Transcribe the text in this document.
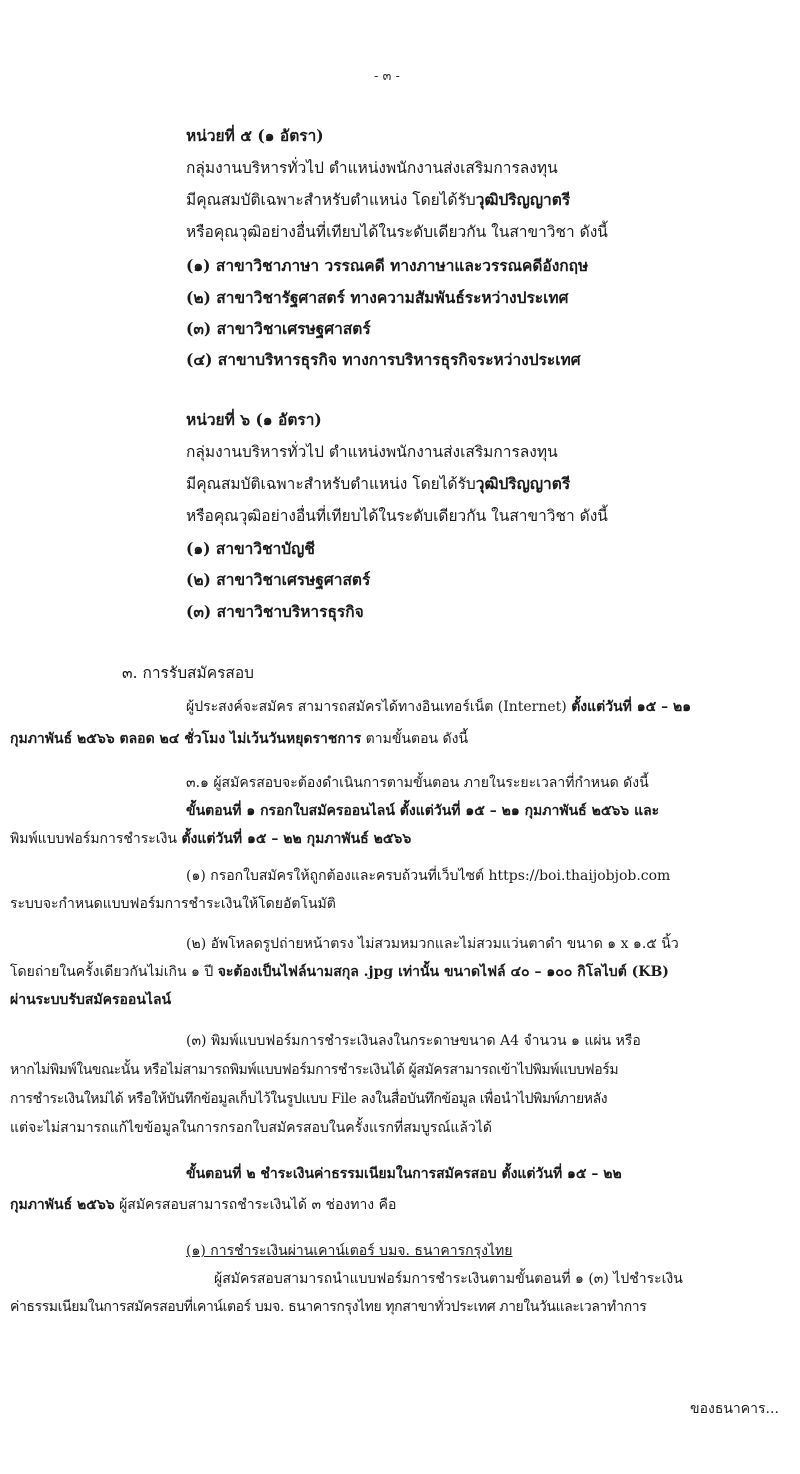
- ๓ -
หน่วยที่ ๕ (๑ อัตรา)
กลุ่มงานบริหารทั่วไป ตำแหน่งพนักงานส่งเสริมการลงทุน
มีคุณสมบัติเฉพาะสำหรับตำแหน่ง โดยได้รับวุฒิปริญญาตรี
หรือคุณวุฒิอย่างอื่นที่เทียบได้ในระดับเดียวกัน ในสาขาวิชา ดังนี้
(๑) สาขาวิชาภาษา วรรณคดี ทางภาษาและวรรณคดีอังกฤษ
(๒) สาขาวิชารัฐศาสตร์ ทางความสัมพันธ์ระหว่างประเทศ
(๓) สาขาวิชาเศรษฐศาสตร์
(๔) สาขาบริหารธุรกิจ ทางการบริหารธุรกิจระหว่างประเทศ
หน่วยที่ ๖ (๑ อัตรา)
กลุ่มงานบริหารทั่วไป ตำแหน่งพนักงานส่งเสริมการลงทุน
มีคุณสมบัติเฉพาะสำหรับตำแหน่ง โดยได้รับวุฒิปริญญาตรี
หรือคุณวุฒิอย่างอื่นที่เทียบได้ในระดับเดียวกัน ในสาขาวิชา ดังนี้
(๑) สาขาวิชาบัญชี
(๒) สาขาวิชาเศรษฐศาสตร์
(๓) สาขาวิชาบริหารธุรกิจ
๓. การรับสมัครสอบ
ผู้ประสงค์จะสมัคร สามารถสมัครได้ทางอินเทอร์เน็ต (Internet) ตั้งแต่วันที่ ๑๕ – ๒๑
กุมภาพันธ์ ๒๕๖๖ ตลอด ๒๔ ชั่วโมง ไม่เว้นวันหยุดราชการ ตามขั้นตอน ดังนี้
๓.๑ ผู้สมัครสอบจะต้องดำเนินการตามขั้นตอน ภายในระยะเวลาที่กำหนด ดังนี้
ขั้นตอนที่ ๑ กรอกใบสมัครออนไลน์ ตั้งแต่วันที่ ๑๕ – ๒๑ กุมภาพันธ์ ๒๕๖๖ และ
พิมพ์แบบฟอร์มการชำระเงิน ตั้งแต่วันที่ ๑๕ – ๒๒ กุมภาพันธ์ ๒๕๖๖
(๑) กรอกใบสมัครให้ถูกต้องและครบถ้วนที่เว็บไซต์ https://boi.thaijobjob.com
ระบบจะกำหนดแบบฟอร์มการชำระเงินให้โดยอัตโนมัติ
(๒) อัพโหลดรูปถ่ายหน้าตรง ไม่สวมหมวกและไม่สวมแว่นตาดำ ขนาด ๑ x ๑.๕ นิ้ว
โดยถ่ายในครั้งเดียวกันไม่เกิน ๑ ปี จะต้องเป็นไฟล์นามสกุล .jpg เท่านั้น ขนาดไฟล์ ๔๐ – ๑๐๐ กิโลไบต์ (KB)
ผ่านระบบรับสมัครออนไลน์
(๓) พิมพ์แบบฟอร์มการชำระเงินลงในกระดาษขนาด A4 จำนวน ๑ แผ่น หรือ
หากไม่พิมพ์ในขณะนั้น หรือไม่สามารถพิมพ์แบบฟอร์มการชำระเงินได้ ผู้สมัครสามารถเข้าไปพิมพ์แบบฟอร์ม
การชำระเงินใหม่ได้ หรือให้บันทึกข้อมูลเก็บไว้ในรูปแบบ File ลงในสื่อบันทึกข้อมูล เพื่อนำไปพิมพ์ภายหลัง
แต่จะไม่สามารถแก้ไขข้อมูลในการกรอกใบสมัครสอบในครั้งแรกที่สมบูรณ์แล้วได้
ขั้นตอนที่ ๒ ชำระเงินค่าธรรมเนียมในการสมัครสอบ ตั้งแต่วันที่ ๑๕ – ๒๒
กุมภาพันธ์ ๒๕๖๖ ผู้สมัครสอบสามารถชำระเงินได้ ๓ ช่องทาง คือ
(๑) การชำระเงินผ่านเคาน์เตอร์ บมจ. ธนาคารกรุงไทย
ผู้สมัครสอบสามารถนำแบบฟอร์มการชำระเงินตามขั้นตอนที่ ๑ (๓) ไปชำระเงิน
ค่าธรรมเนียมในการสมัครสอบที่เคาน์เตอร์ บมจ. ธนาคารกรุงไทย ทุกสาขาทั่วประเทศ ภายในวันและเวลาทำการ
ของธนาคาร...
